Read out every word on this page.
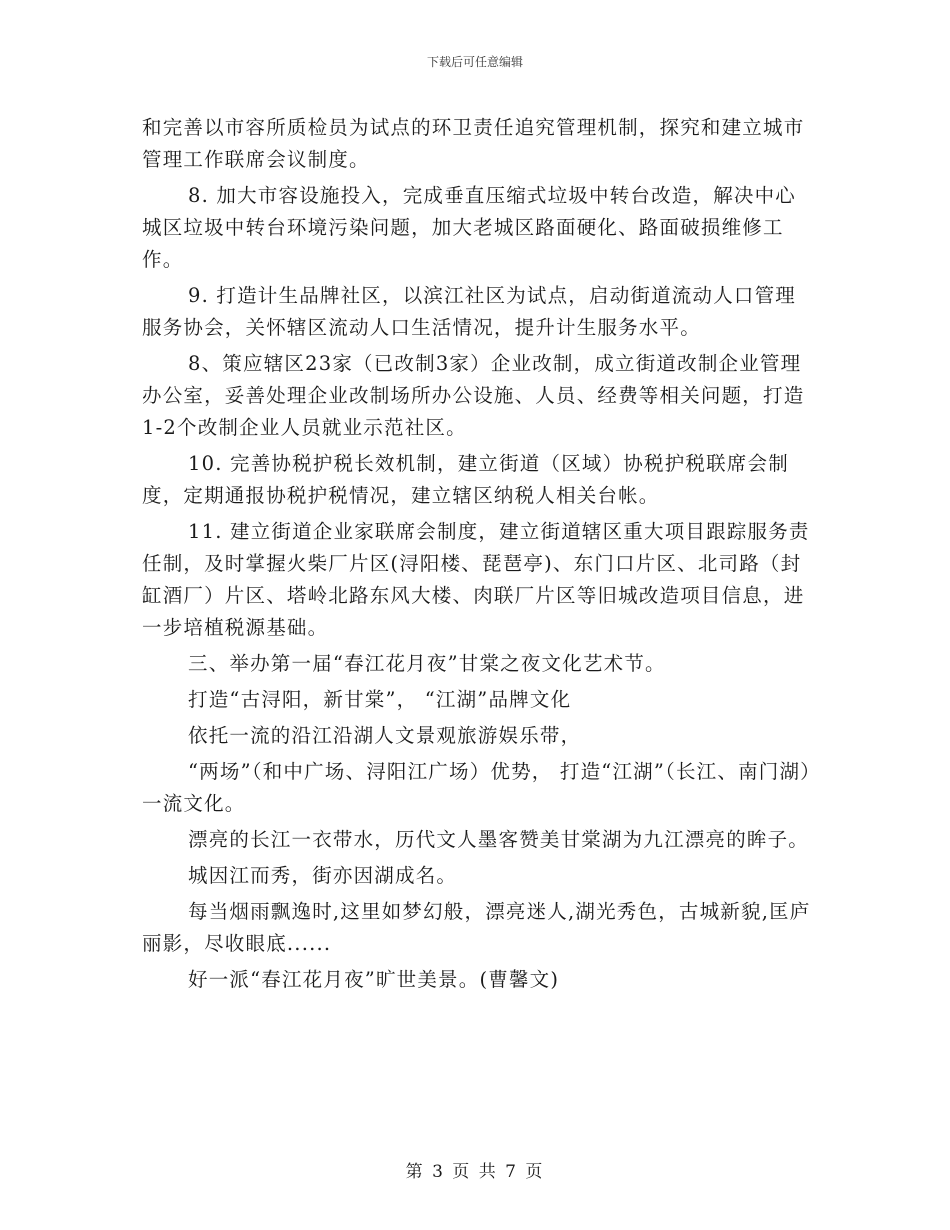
下载后可任意编辑

和完善以市容所质检员为试点的环卫责任追究管理机制，探究和建立城市管理工作联席会议制度。

8. 加大市容设施投入，完成垂直压缩式垃圾中转台改造，解决中心城区垃圾中转台环境污染问题，加大老城区路面硬化、路面破损维修工作。

9. 打造计生品牌社区，以滨江社区为试点，启动街道流动人口管理服务协会，关怀辖区流动人口生活情况，提升计生服务水平。

8、策应辖区23家（已改制3家）企业改制，成立街道改制企业管理办公室，妥善处理企业改制场所办公设施、人员、经费等相关问题，打造1-2个改制企业人员就业示范社区。

10. 完善协税护税长效机制，建立街道（区域）协税护税联席会制度，定期通报协税护税情况，建立辖区纳税人相关台帐。

11. 建立街道企业家联席会制度，建立街道辖区重大项目跟踪服务责任制，及时掌握火柴厂片区(浔阳楼、琵琶亭)、东门口片区、北司路（封缸酒厂）片区、塔岭北路东风大楼、肉联厂片区等旧城改造项目信息，进一步培植税源基础。

三、举办第一届“春江花月夜”甘棠之夜文化艺术节。

打造“古浔阳，新甘棠”， “江湖”品牌文化

依托一流的沿江沿湖人文景观旅游娱乐带，

“两场”（和中广场、浔阳江广场）优势， 打造“江湖”（长江、南门湖）一流文化。

漂亮的长江一衣带水，历代文人墨客赞美甘棠湖为九江漂亮的眸子。

城因江而秀，街亦因湖成名。

每当烟雨飘逸时,这里如梦幻般，漂亮迷人,湖光秀色，古城新貌,匡庐丽影，尽收眼底......

好一派“春江花月夜”旷世美景。(曹馨文)

第 3 页 共 7 页
